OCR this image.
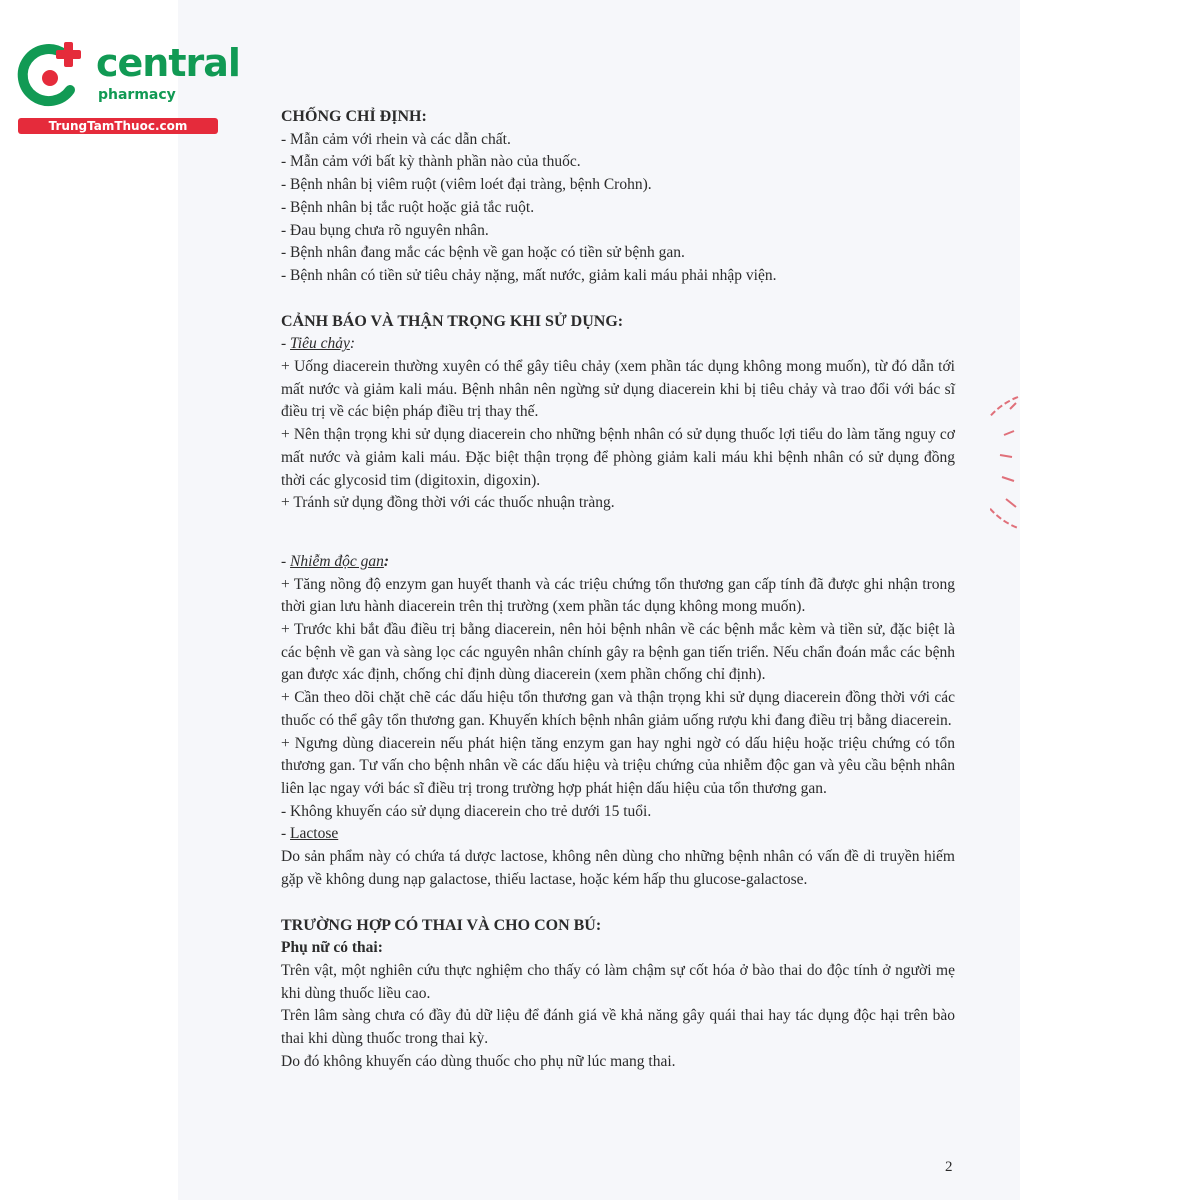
central
pharmacy
TrungTamThuoc.com

CHỐNG CHỈ ĐỊNH:

- Mẫn cảm với rhein và các dẫn chất.

- Mẫn cảm với bất kỳ thành phần nào của thuốc.

- Bệnh nhân bị viêm ruột (viêm loét đại tràng, bệnh Crohn).

- Bệnh nhân bị tắc ruột hoặc giả tắc ruột.

- Đau bụng chưa rõ nguyên nhân.

- Bệnh nhân đang mắc các bệnh về gan hoặc có tiền sử bệnh gan.

- Bệnh nhân có tiền sử tiêu chảy nặng, mất nước, giảm kali máu phải nhập viện.

CẢNH BÁO VÀ THẬN TRỌNG KHI SỬ DỤNG:

- Tiêu chảy:

+ Uống diacerein thường xuyên có thể gây tiêu chảy (xem phần tác dụng không mong muốn), từ đó dẫn tới mất nước và giảm kali máu. Bệnh nhân nên ngừng sử dụng diacerein khi bị tiêu chảy và trao đổi với bác sĩ điều trị về các biện pháp điều trị thay thế.

+ Nên thận trọng khi sử dụng diacerein cho những bệnh nhân có sử dụng thuốc lợi tiểu do làm tăng nguy cơ mất nước và giảm kali máu. Đặc biệt thận trọng để phòng giảm kali máu khi bệnh nhân có sử dụng đồng thời các glycosid tim (digitoxin, digoxin).

+ Tránh sử dụng đồng thời với các thuốc nhuận tràng.

- Nhiễm độc gan:

+ Tăng nồng độ enzym gan huyết thanh và các triệu chứng tổn thương gan cấp tính đã được ghi nhận trong thời gian lưu hành diacerein trên thị trường (xem phần tác dụng không mong muốn).

+ Trước khi bắt đầu điều trị bằng diacerein, nên hỏi bệnh nhân về các bệnh mắc kèm và tiền sử, đặc biệt là các bệnh về gan và sàng lọc các nguyên nhân chính gây ra bệnh gan tiến triển. Nếu chẩn đoán mắc các bệnh gan được xác định, chống chỉ định dùng diacerein (xem phần chống chỉ định).

+ Cần theo dõi chặt chẽ các dấu hiệu tổn thương gan và thận trọng khi sử dụng diacerein đồng thời với các thuốc có thể gây tổn thương gan. Khuyến khích bệnh nhân giảm uống rượu khi đang điều trị bằng diacerein.

+ Ngưng dùng diacerein nếu phát hiện tăng enzym gan hay nghi ngờ có dấu hiệu hoặc triệu chứng có tổn thương gan. Tư vấn cho bệnh nhân về các dấu hiệu và triệu chứng của nhiễm độc gan và yêu cầu bệnh nhân liên lạc ngay với bác sĩ điều trị trong trường hợp phát hiện dấu hiệu của tổn thương gan.

- Không khuyến cáo sử dụng diacerein cho trẻ dưới 15 tuổi.

- Lactose

Do sản phẩm này có chứa tá dược lactose, không nên dùng cho những bệnh nhân có vấn đề di truyền hiếm gặp về không dung nạp galactose, thiếu lactase, hoặc kém hấp thu glucose-galactose.

TRƯỜNG HỢP CÓ THAI VÀ CHO CON BÚ:

Phụ nữ có thai:

Trên vật, một nghiên cứu thực nghiệm cho thấy có làm chậm sự cốt hóa ở bào thai do độc tính ở người mẹ khi dùng thuốc liều cao.

Trên lâm sàng chưa có đầy đủ dữ liệu để đánh giá về khả năng gây quái thai hay tác dụng độc hại trên bào thai khi dùng thuốc trong thai kỳ.

Do đó không khuyến cáo dùng thuốc cho phụ nữ lúc mang thai.

2
